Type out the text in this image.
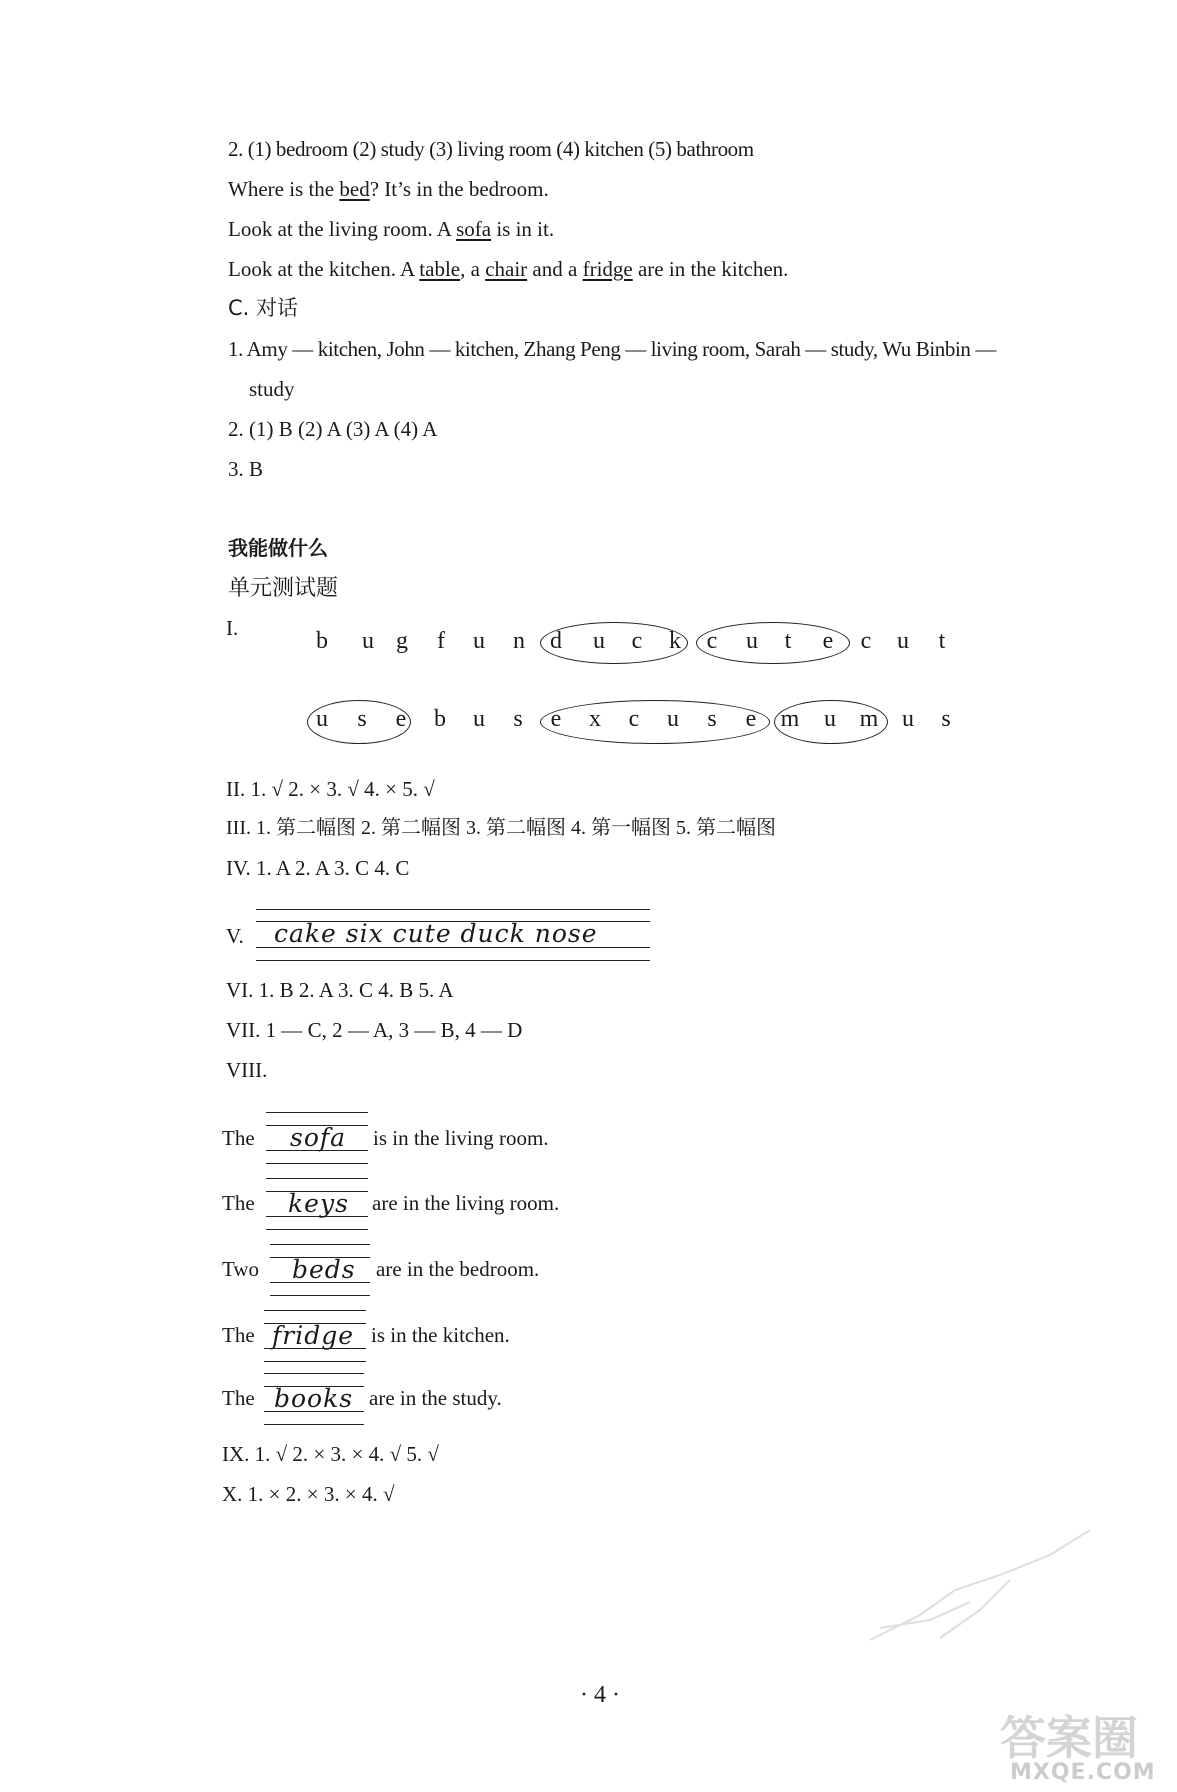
2. (1) bedroom (2) study (3) living room (4) kitchen (5) bathroom
Where is the bed? It’s in the bedroom.
Look at the living room. A sofa is in it.
Look at the kitchen. A table, a chair and a fridge are in the kitchen.
C. 对话
1. Amy — kitchen, John — kitchen, Zhang Peng — living room, Sarah — study, Wu Binbin —
study
2. (1) B (2) A (3) A (4) A
3. B
我能做什么
单元测试题
I.	b u g f u n d u c k c u t e c u t
u s e b u s e x c u s e m u m u s
II. 1. √ 2. × 3. √ 4. × 5. √
III. 1. 第二幅图 2. 第二幅图 3. 第二幅图 4. 第一幅图 5. 第二幅图
IV. 1. A 2. A 3. C 4. C
V. cake six cute duck nose
VI. 1. B 2. A 3. C 4. B 5. A
VII. 1 — C, 2 — A, 3 — B, 4 — D
VIII.
The sofa is in the living room.
The keys are in the living room.
Two beds are in the bedroom.
The fridge is in the kitchen.
The books are in the study.
IX. 1. √ 2. × 3. × 4. √ 5. √
X. 1. × 2. × 3. × 4. √
· 4 ·
答案圈
MXQE.COM
